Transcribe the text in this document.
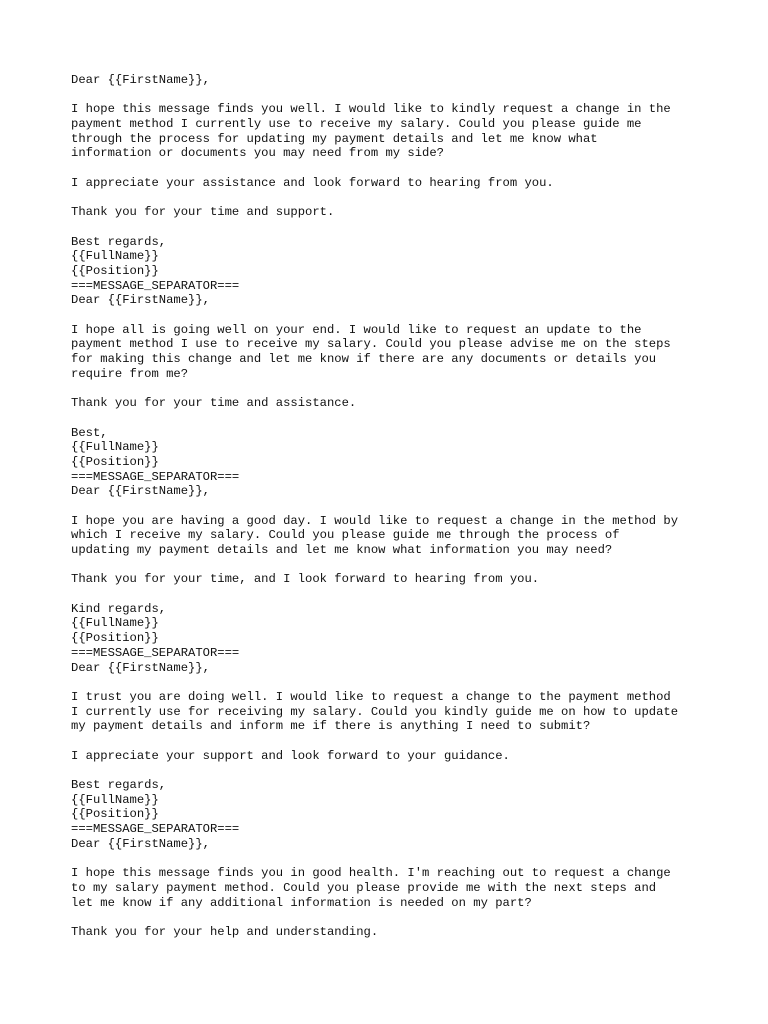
Dear {{FirstName}},
I hope this message finds you well. I would like to kindly request a change in the
payment method I currently use to receive my salary. Could you please guide me
through the process for updating my payment details and let me know what
information or documents you may need from my side?
I appreciate your assistance and look forward to hearing from you.
Thank you for your time and support.
Best regards,
{{FullName}}
{{Position}}
===MESSAGE_SEPARATOR===
Dear {{FirstName}},
I hope all is going well on your end. I would like to request an update to the
payment method I use to receive my salary. Could you please advise me on the steps
for making this change and let me know if there are any documents or details you
require from me?
Thank you for your time and assistance.
Best,
{{FullName}}
{{Position}}
===MESSAGE_SEPARATOR===
Dear {{FirstName}},
I hope you are having a good day. I would like to request a change in the method by
which I receive my salary. Could you please guide me through the process of
updating my payment details and let me know what information you may need?
Thank you for your time, and I look forward to hearing from you.
Kind regards,
{{FullName}}
{{Position}}
===MESSAGE_SEPARATOR===
Dear {{FirstName}},
I trust you are doing well. I would like to request a change to the payment method
I currently use for receiving my salary. Could you kindly guide me on how to update
my payment details and inform me if there is anything I need to submit?
I appreciate your support and look forward to your guidance.
Best regards,
{{FullName}}
{{Position}}
===MESSAGE_SEPARATOR===
Dear {{FirstName}},
I hope this message finds you in good health. I'm reaching out to request a change
to my salary payment method. Could you please provide me with the next steps and
let me know if any additional information is needed on my part?
Thank you for your help and understanding.
